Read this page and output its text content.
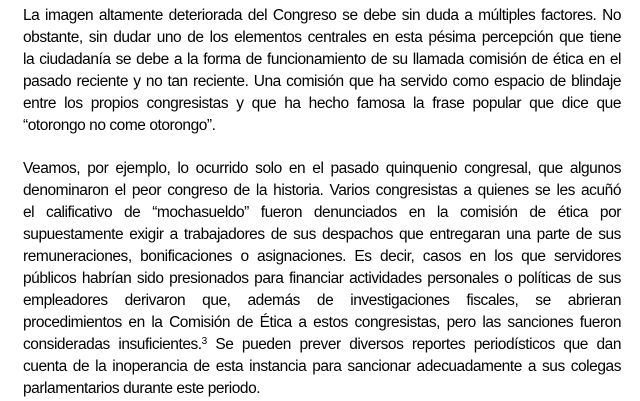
La imagen altamente deteriorada del Congreso se debe sin duda a múltiples factores. No
obstante, sin dudar uno de los elementos centrales en esta pésima percepción que tiene
la ciudadanía se debe a la forma de funcionamiento de su llamada comisión de ética en el
pasado reciente y no tan reciente. Una comisión que ha servido como espacio de blindaje
entre los propios congresistas y que ha hecho famosa la frase popular que dice que
“otorongo no come otorongo”.

Veamos, por ejemplo, lo ocurrido solo en el pasado quinquenio congresal, que algunos
denominaron el peor congreso de la historia. Varios congresistas a quienes se les acuñó
el calificativo de “mochasueldo” fueron denunciados en la comisión de ética por
supuestamente exigir a trabajadores de sus despachos que entregaran una parte de sus
remuneraciones, bonificaciones o asignaciones. Es decir, casos en los que servidores
públicos habrían sido presionados para financiar actividades personales o políticas de sus
empleadores derivaron que, además de investigaciones fiscales, se abrieran
procedimientos en la Comisión de Ética a estos congresistas, pero las sanciones fueron
consideradas insuficientes.$^3$ Se pueden prever diversos reportes periodísticos que dan
cuenta de la inoperancia de esta instancia para sancionar adecuadamente a sus colegas
parlamentarios durante este periodo.
